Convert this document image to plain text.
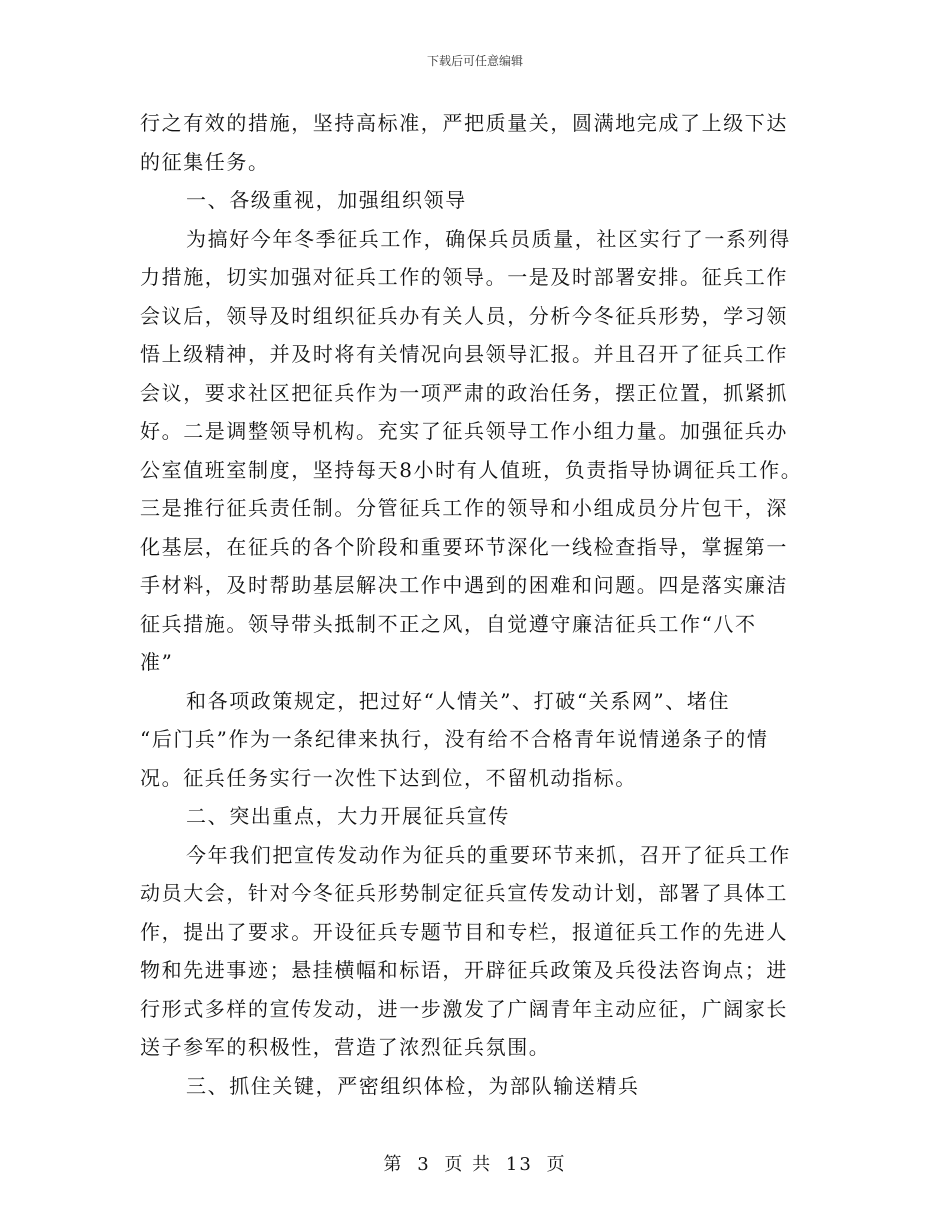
下载后可任意编辑
行之有效的措施，坚持高标准，严把质量关，圆满地完成了上级下达
的征集任务。
一、各级重视，加强组织领导
为搞好今年冬季征兵工作，确保兵员质量，社区实行了一系列得
力措施，切实加强对征兵工作的领导。一是及时部署安排。征兵工作
会议后，领导及时组织征兵办有关人员，分析今冬征兵形势，学习领
悟上级精神，并及时将有关情况向县领导汇报。并且召开了征兵工作
会议，要求社区把征兵作为一项严肃的政治任务，摆正位置，抓紧抓
好。二是调整领导机构。充实了征兵领导工作小组力量。加强征兵办
公室值班室制度，坚持每天8小时有人值班，负责指导协调征兵工作。
三是推行征兵责任制。分管征兵工作的领导和小组成员分片包干，深
化基层，在征兵的各个阶段和重要环节深化一线检查指导，掌握第一
手材料，及时帮助基层解决工作中遇到的困难和问题。四是落实廉洁
征兵措施。领导带头抵制不正之风，自觉遵守廉洁征兵工作“八不
准”
和各项政策规定，把过好“人情关”、打破“关系网”、堵住
“后门兵”作为一条纪律来执行，没有给不合格青年说情递条子的情
况。征兵任务实行一次性下达到位，不留机动指标。
二、突出重点，大力开展征兵宣传
今年我们把宣传发动作为征兵的重要环节来抓，召开了征兵工作
动员大会，针对今冬征兵形势制定征兵宣传发动计划，部署了具体工
作，提出了要求。开设征兵专题节目和专栏，报道征兵工作的先进人
物和先进事迹；悬挂横幅和标语，开辟征兵政策及兵役法咨询点；进
行形式多样的宣传发动，进一步激发了广阔青年主动应征，广阔家长
送子参军的积极性，营造了浓烈征兵氛围。
三、抓住关键，严密组织体检，为部队输送精兵
第 3 页 共 13 页
